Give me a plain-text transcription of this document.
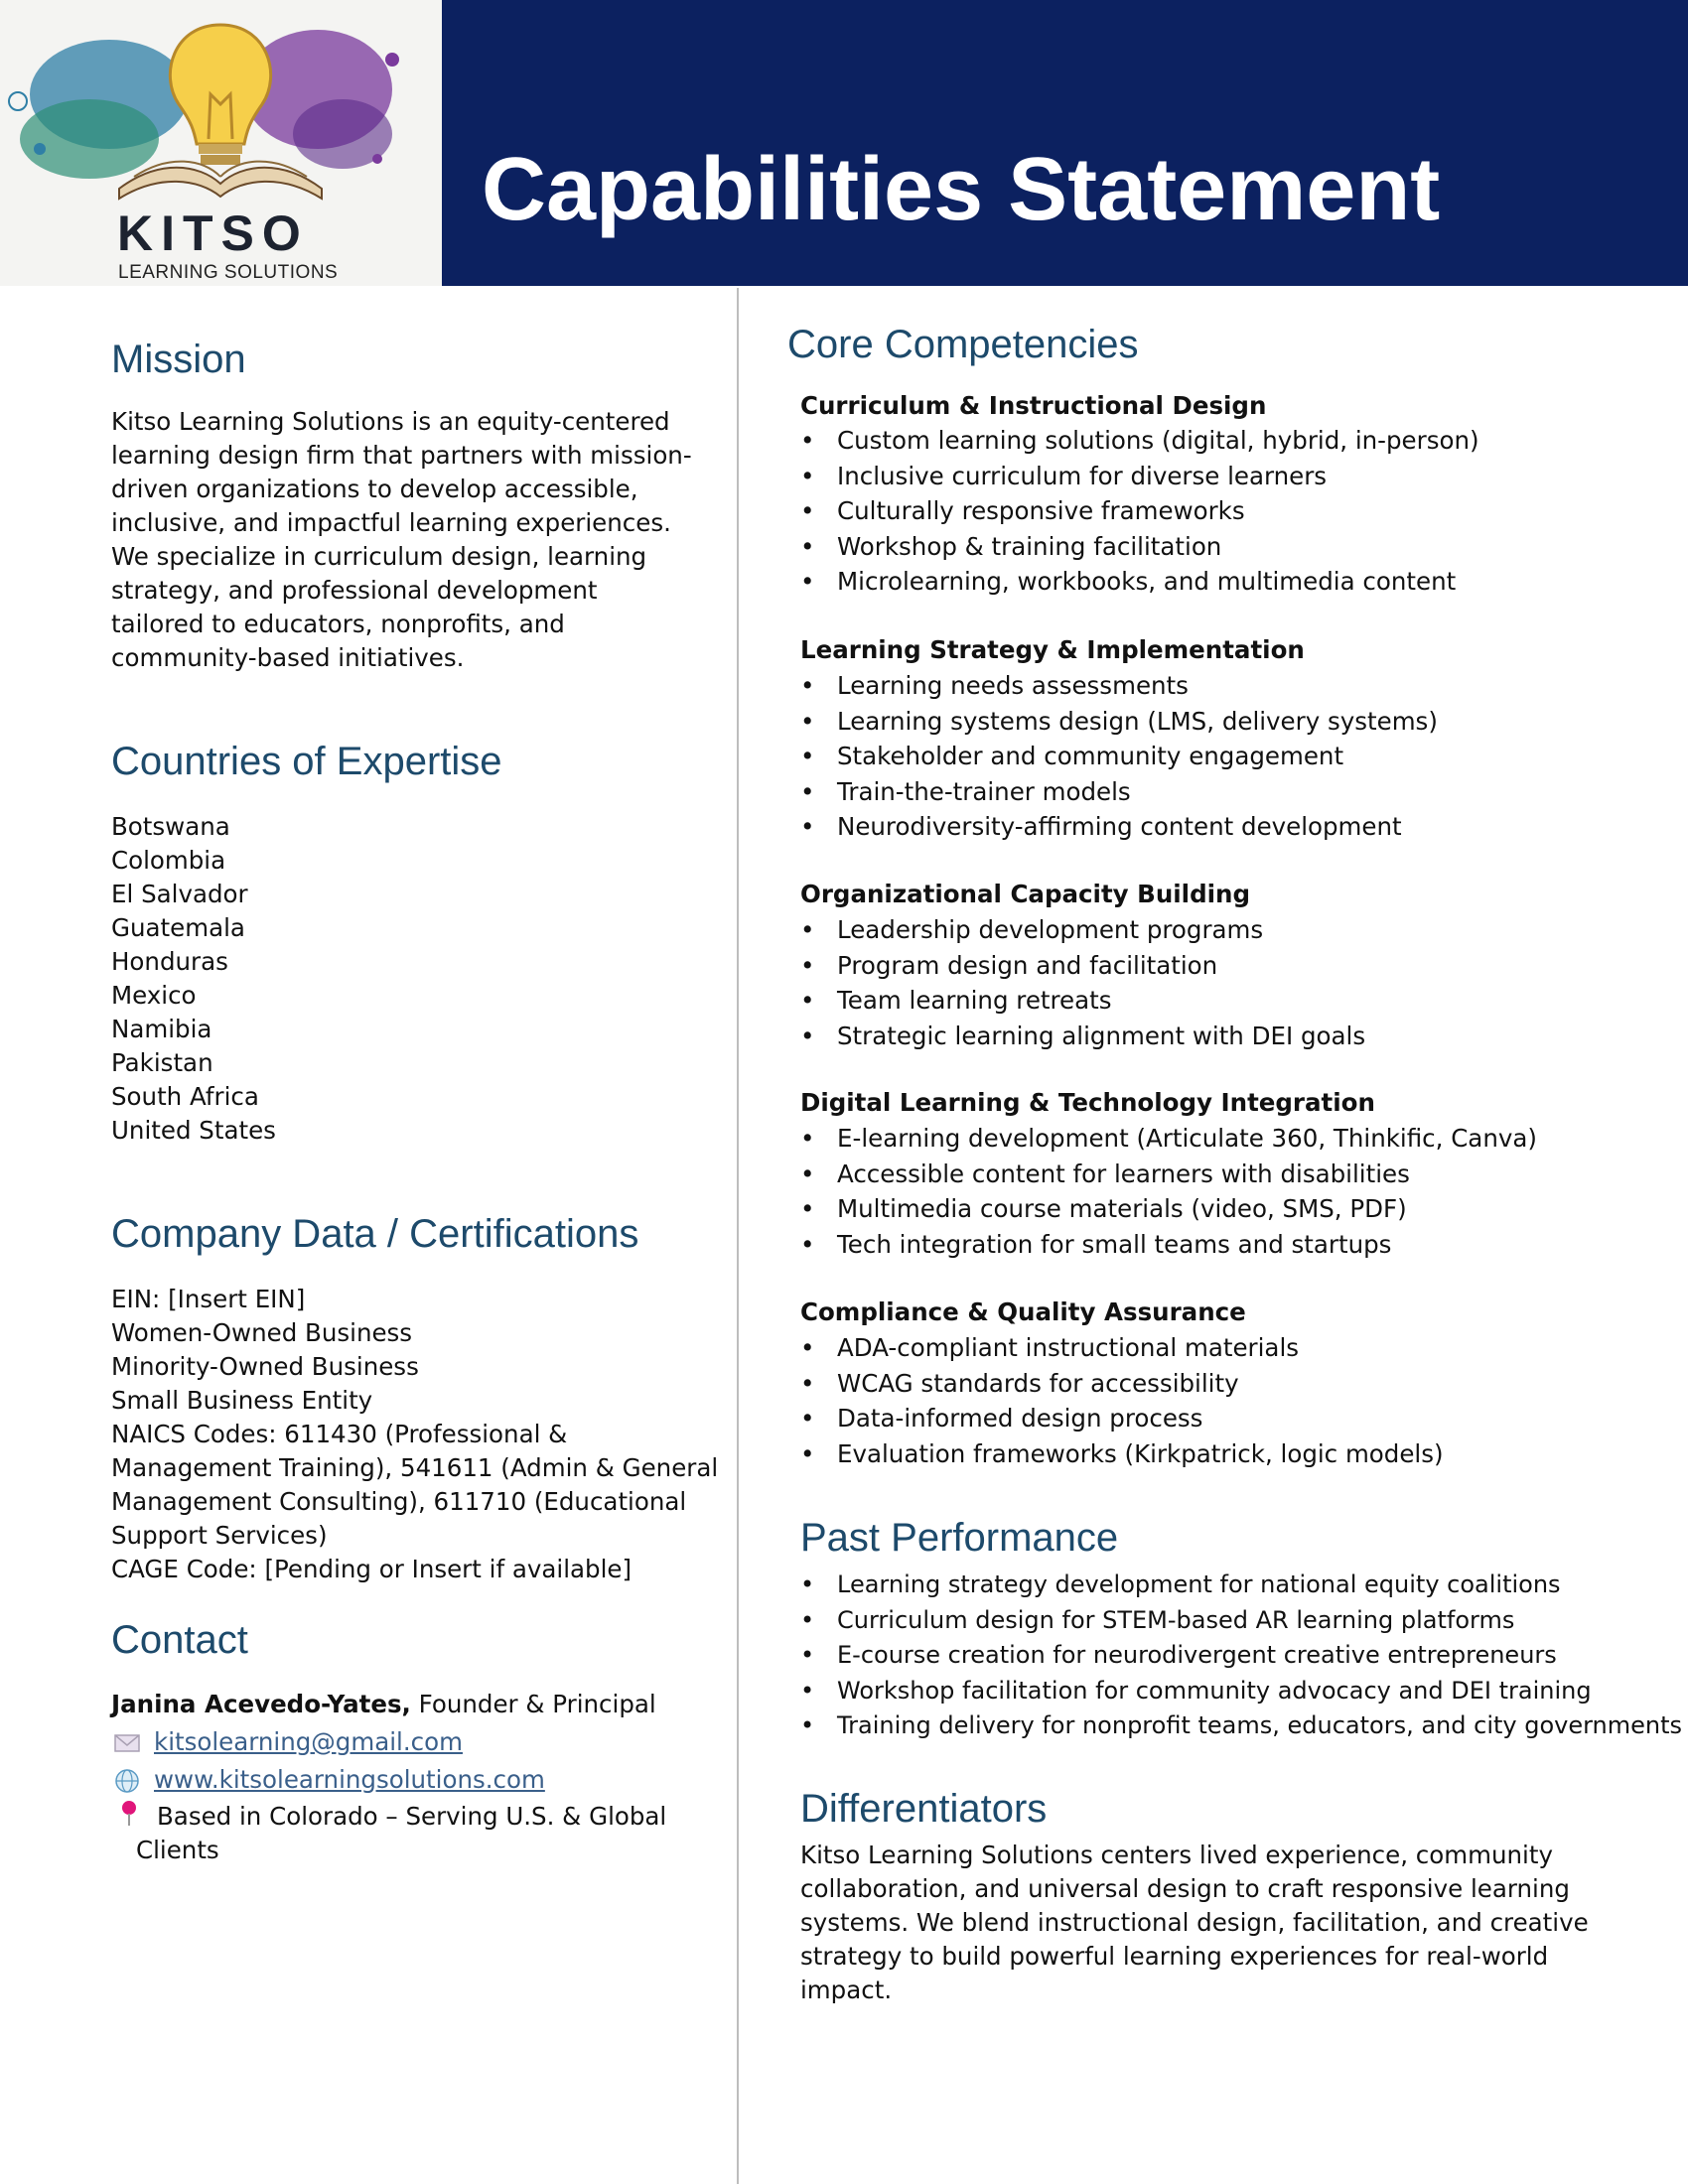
KITSO
LEARNING SOLUTIONS
Capabilities Statement
Mission

Kitso Learning Solutions is an equity-centered learning design firm that partners with mission-driven organizations to develop accessible, inclusive, and impactful learning experiences. We specialize in curriculum design, learning strategy, and professional development tailored to educators, nonprofits, and community-based initiatives.

Countries of Expertise
Botswana
Colombia
El Salvador
Guatemala
Honduras
Mexico
Namibia
Pakistan
South Africa
United States
Company Data / Certifications
EIN: [Insert EIN]
Women-Owned Business
Minority-Owned Business
Small Business Entity
NAICS Codes: 611430 (Professional & Management Training), 541611 (Admin & General Management Consulting), 611710 (Educational Support Services)
CAGE Code: [Pending or Insert if available]
Contact
Janina Acevedo-Yates, Founder & Principal
kitsolearning@gmail.com
www.kitsolearningsolutions.com
Based in Colorado – Serving U.S. & Global Clients
Core Competencies
Curriculum & Instructional Design
• Custom learning solutions (digital, hybrid, in-person)
• Inclusive curriculum for diverse learners
• Culturally responsive frameworks
• Workshop & training facilitation
• Microlearning, workbooks, and multimedia content
Learning Strategy & Implementation
• Learning needs assessments
• Learning systems design (LMS, delivery systems)
• Stakeholder and community engagement
• Train-the-trainer models
• Neurodiversity-affirming content development
Organizational Capacity Building
• Leadership development programs
• Program design and facilitation
• Team learning retreats
• Strategic learning alignment with DEI goals
Digital Learning & Technology Integration
• E-learning development (Articulate 360, Thinkific, Canva)
• Accessible content for learners with disabilities
• Multimedia course materials (video, SMS, PDF)
• Tech integration for small teams and startups
Compliance & Quality Assurance
• ADA-compliant instructional materials
• WCAG standards for accessibility
• Data-informed design process
• Evaluation frameworks (Kirkpatrick, logic models)
Past Performance
• Learning strategy development for national equity coalitions
• Curriculum design for STEM-based AR learning platforms
• E-course creation for neurodivergent creative entrepreneurs
• Workshop facilitation for community advocacy and DEI training
• Training delivery for nonprofit teams, educators, and city governments
Differentiators

Kitso Learning Solutions centers lived experience, community collaboration, and universal design to craft responsive learning systems. We blend instructional design, facilitation, and creative strategy to build powerful learning experiences for real-world impact.
